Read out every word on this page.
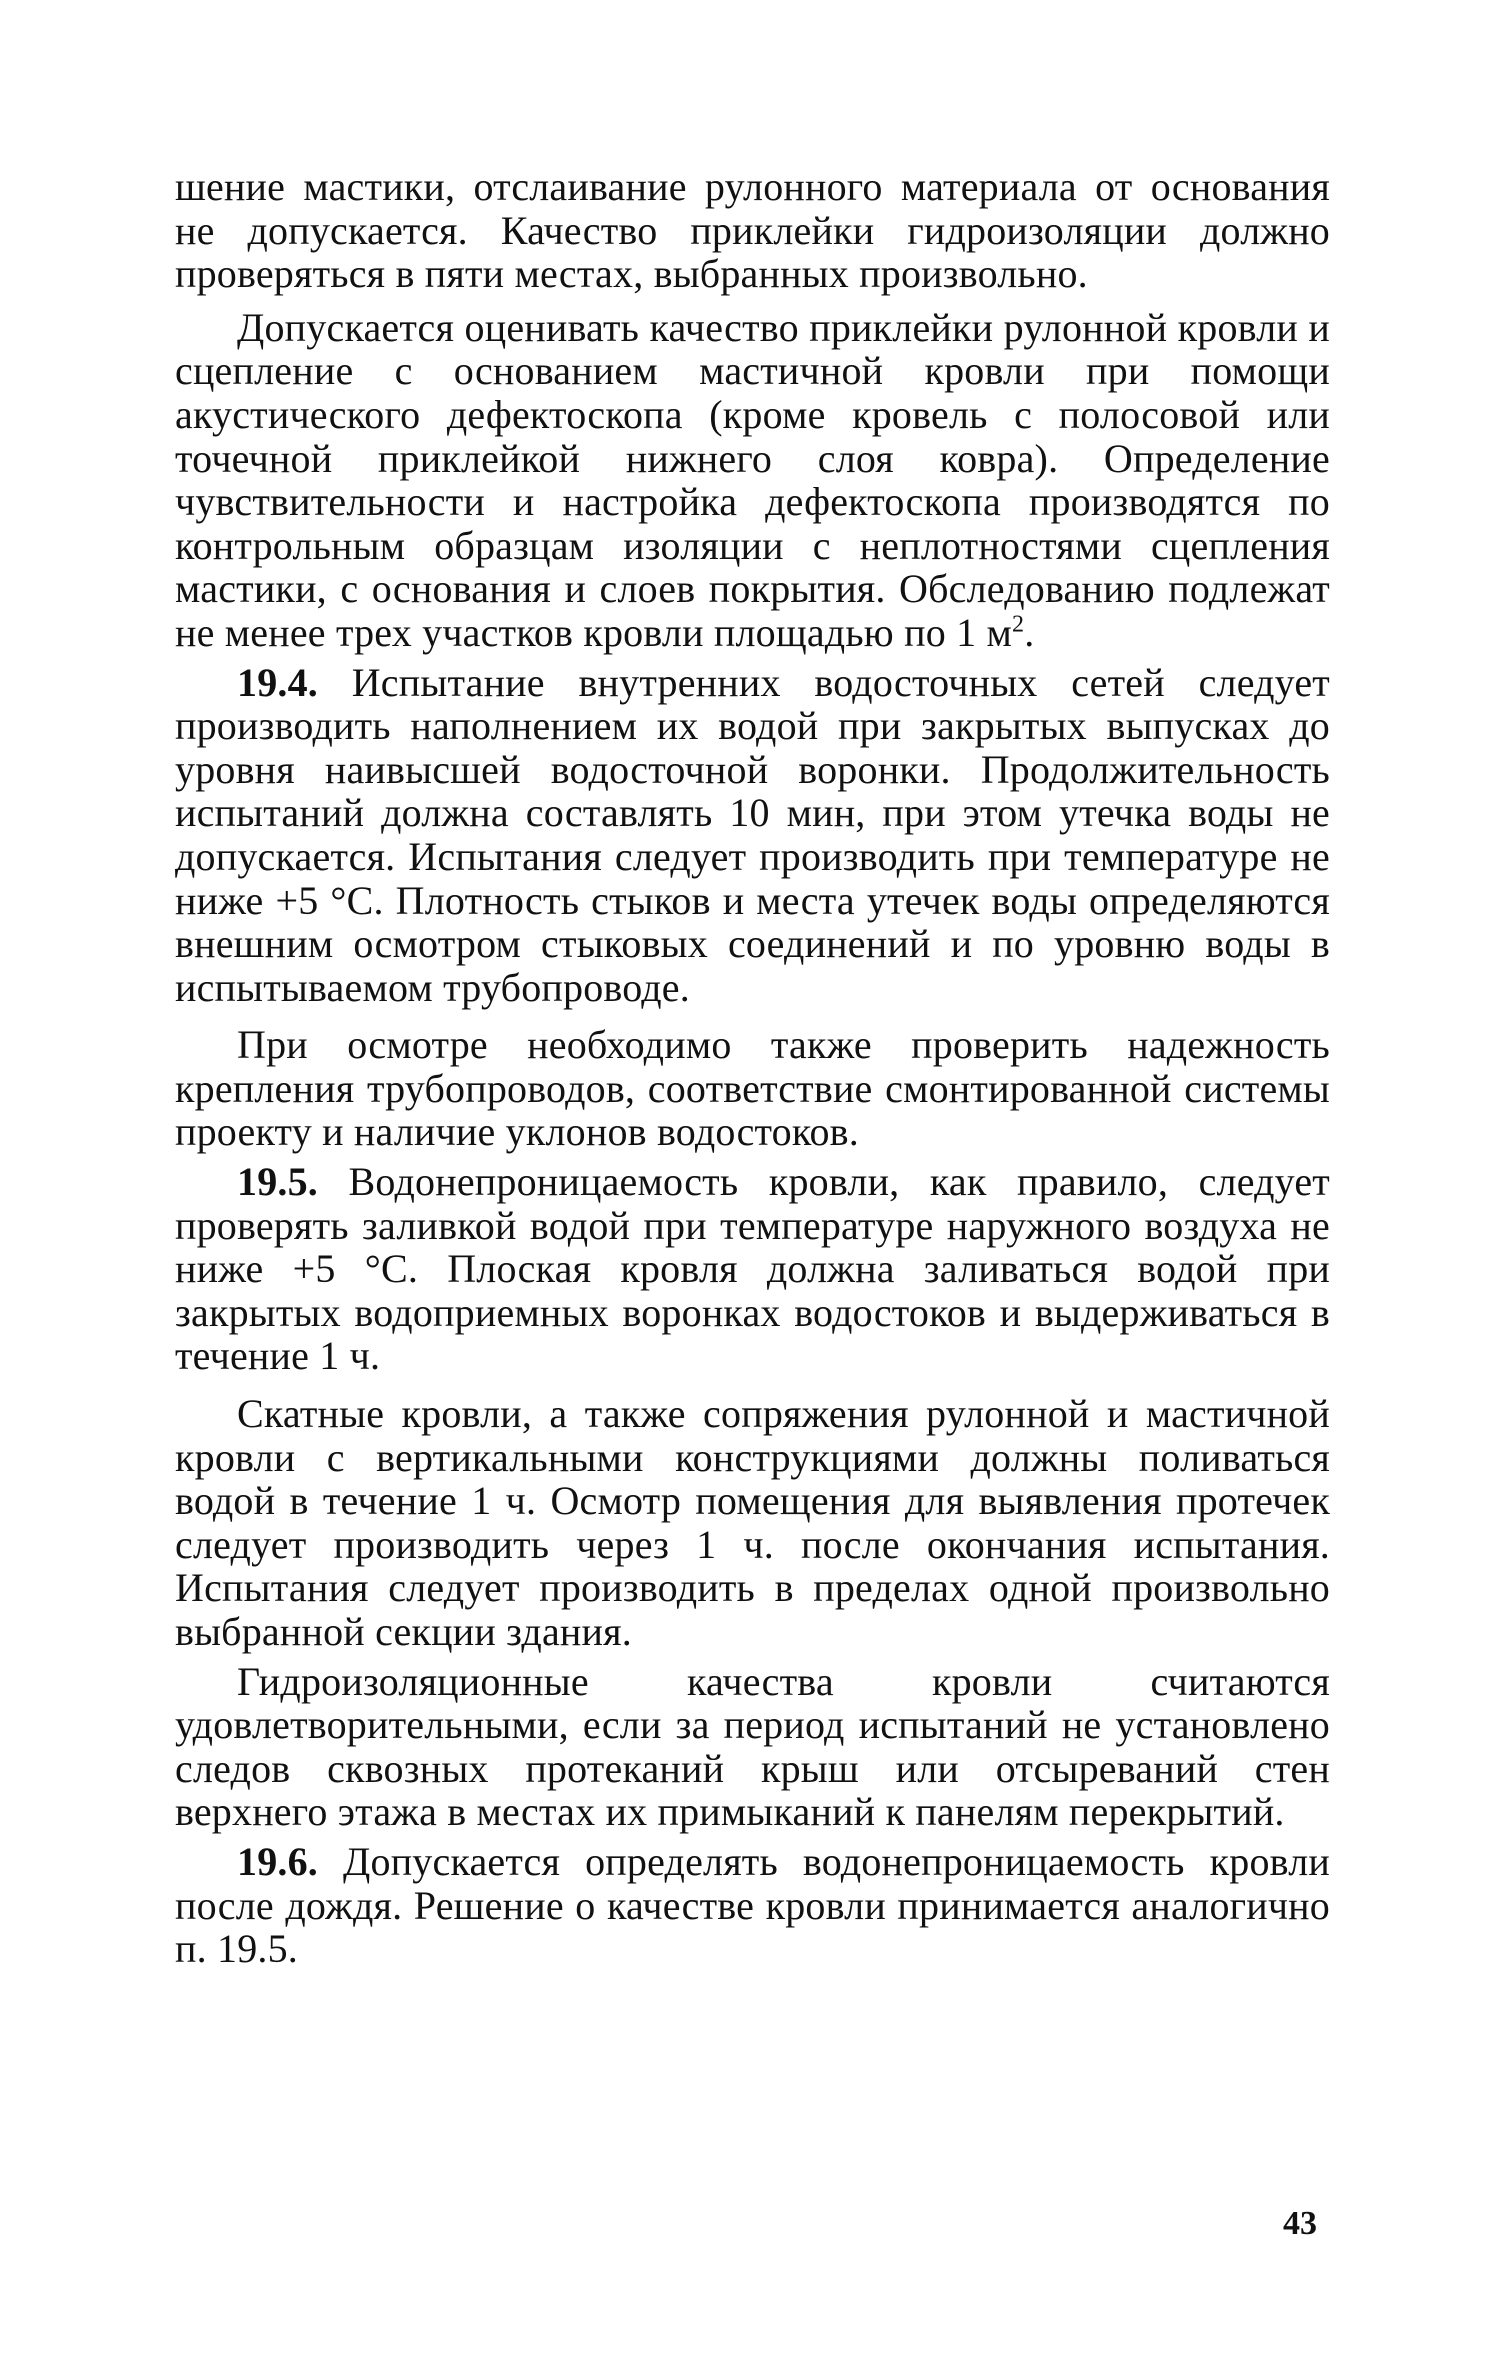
шение мастики, отслаивание рулонного материала от основания не допускается. Качество приклейки гидроизоляции должно проверяться в пяти местах, выбранных произвольно.

Допускается оценивать качество приклейки рулонной кровли и сцепление с основанием мастичной кровли при помощи акустического дефектоскопа (кроме кровель с полосовой или точечной приклейкой нижнего слоя ковра). Определение чувствительности и настройка дефектоскопа производятся по контрольным образцам изоляции с неплотностями сцепления мастики, с основания и слоев покрытия. Обследованию подлежат не менее трех участков кровли площадью по 1 $м^2$.

19.4. Испытание внутренних водосточных сетей следует производить наполнением их водой при закрытых выпусках до уровня наивысшей водосточной воронки. Продолжительность испытаний должна составлять 10 мин, при этом утечка воды не допускается. Испытания следует производить при температуре не ниже +5 °С. Плотность стыков и места утечек воды определяются внешним осмотром стыковых соединений и по уровню воды в испытываемом трубопроводе.

При осмотре необходимо также проверить надежность крепления трубопроводов, соответствие смонтированной системы проекту и наличие уклонов водостоков.

19.5. Водонепроницаемость кровли, как правило, следует проверять заливкой водой при температуре наружного воздуха не ниже +5 °С. Плоская кровля должна заливаться водой при закрытых водоприемных воронках водостоков и выдерживаться в течение 1 ч.

Скатные кровли, а также сопряжения рулонной и мастичной кровли с вертикальными конструкциями должны поливаться водой в течение 1 ч. Осмотр помещения для выявления протечек следует производить через 1 ч. после окончания испытания. Испытания следует производить в пределах одной произвольно выбранной секции здания.

Гидроизоляционные качества кровли считаются удовлетворительными, если за период испытаний не установлено следов сквозных протеканий крыш или отсыреваний стен верхнего этажа в местах их примыканий к панелям перекрытий.

19.6. Допускается определять водонепроницаемость кровли после дождя. Решение о качестве кровли принимается аналогично п. 19.5.

43
